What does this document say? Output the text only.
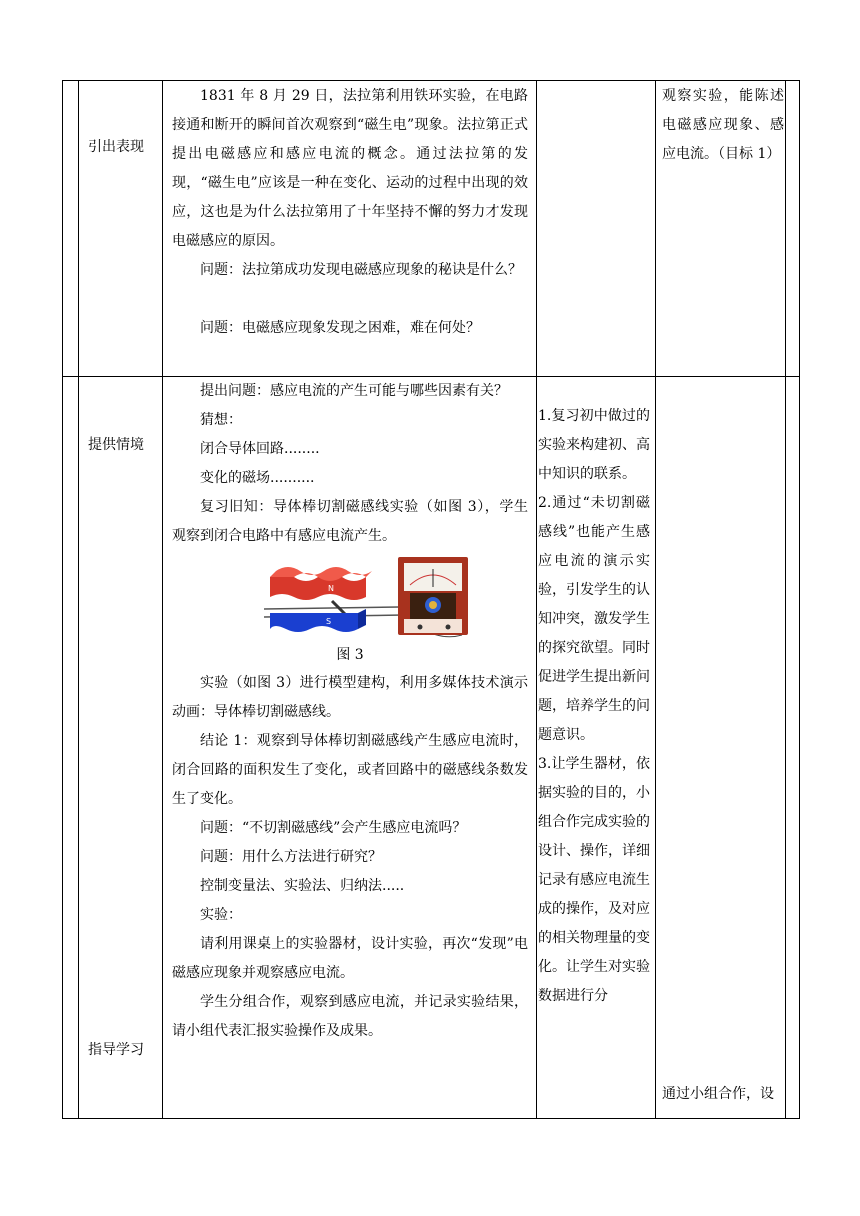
引出表现

1831 年 8 月 29 日，法拉第利用铁环实验，在电路接通和断开的瞬间首次观察到“磁生电”现象。法拉第正式提出电磁感应和感应电流的概念。通过法拉第的发现，“磁生电”应该是一种在变化、运动的过程中出现的效应，这也是为什么法拉第用了十年坚持不懈的努力才发现电磁感应的原因。

问题：法拉第成功发现电磁感应现象的秘诀是什么？

问题：电磁感应现象发现之困难，难在何处？

观察实验，能陈述电磁感应现象、感应电流。（目标 1）
提供情境
指导学习

提出问题：感应电流的产生可能与哪些因素有关？

猜想：

闭合导体回路........

变化的磁场..........

复习旧知：导体棒切割磁感线实验（如图 3），学生观察到闭合电路中有感应电流产生。

N
S

图 3

实验（如图 3）进行模型建构，利用多媒体技术演示动画：导体棒切割磁感线。

结论 1：观察到导体棒切割磁感线产生感应电流时，闭合回路的面积发生了变化，或者回路中的磁感线条数发生了变化。

问题：“不切割磁感线”会产生感应电流吗？

问题：用什么方法进行研究？

控制变量法、实验法、归纳法.....

实验：

请利用课桌上的实验器材，设计实验，再次“发现”电磁感应现象并观察感应电流。

学生分组合作，观察到感应电流，并记录实验结果，请小组代表汇报实验操作及成果。

1.复习初中做过的实验来构建初、高中知识的联系。

2.通过“未切割磁感线”也能产生感应电流的演示实验，引发学生的认知冲突，激发学生的探究欲望。同时促进学生提出新问题，培养学生的问题意识。

3.让学生器材，依据实验的目的，小组合作完成实验的设计、操作，详细记录有感应电流生成的操作，及对应的相关物理量的变化。让学生对实验数据进行分

通过小组合作，设
